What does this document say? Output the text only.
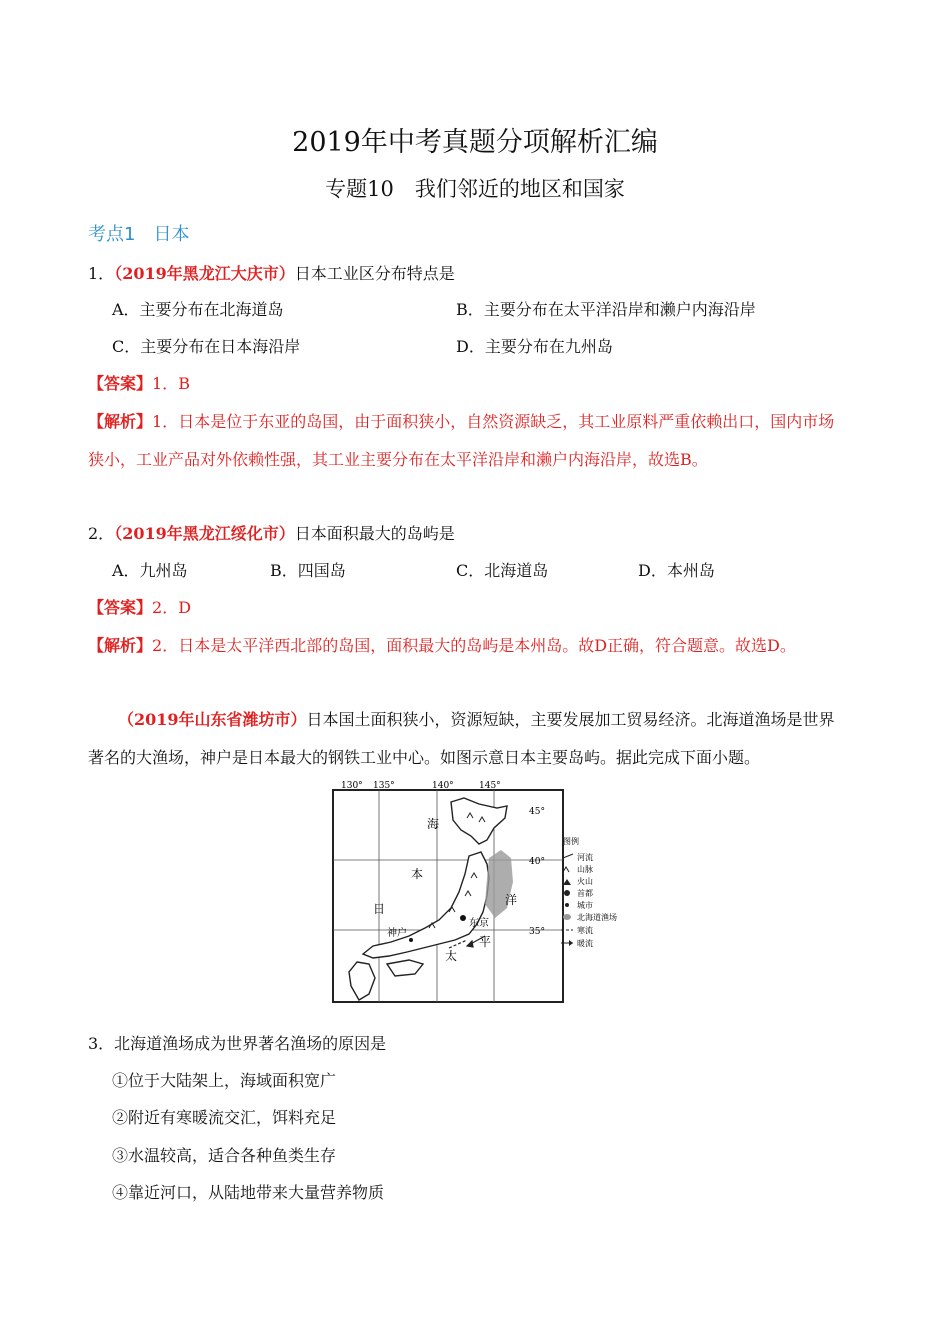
2019年中考真题分项解析汇编
专题10　我们邻近的地区和国家
考点1　日本
1．（2019年黑龙江大庆市）日本工业区分布特点是
A．主要分布在北海道岛	B．主要分布在太平洋沿岸和濑户内海沿岸
C．主要分布在日本海沿岸	D．主要分布在九州岛
【答案】1．B
【解析】1．日本是位于东亚的岛国，由于面积狭小，自然资源缺乏，其工业原料严重依赖出口，国内市场
狭小，工业产品对外依赖性强，其工业主要分布在太平洋沿岸和濑户内海沿岸，故选B。
2．（2019年黑龙江绥化市）日本面积最大的岛屿是
A．九州岛	B．四国岛	C．北海道岛	D．本州岛
【答案】2．D
【解析】2．日本是太平洋西北部的岛国，面积最大的岛屿是本州岛。故D正确，符合题意。故选D。
（2019年山东省潍坊市）日本国土面积狭小，资源短缺，主要发展加工贸易经济。北海道渔场是世界
著名的大渔场，神户是日本最大的钢铁工业中心。如图示意日本主要岛屿。据此完成下面小题。
130° 135°	140°	145°
45°
40°
35°
海
本
日
洋
平
太
东京
神户
图例
河流
山脉
火山
首都
城市
北海道渔场
寒流
暖流
3．北海道渔场成为世界著名渔场的原因是
①位于大陆架上，海域面积宽广
②附近有寒暖流交汇，饵料充足
③水温较高，适合各种鱼类生存
④靠近河口，从陆地带来大量营养物质
